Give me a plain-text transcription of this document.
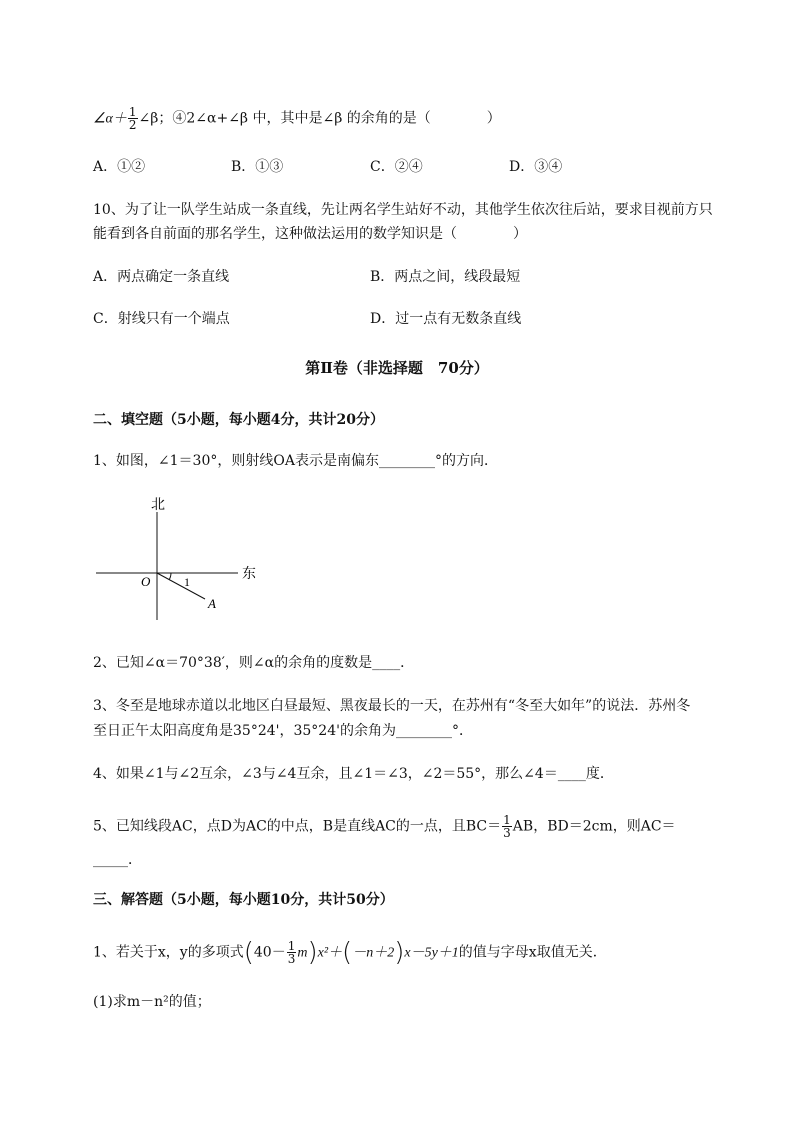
∠α＋ $\frac{1}{2}$ ∠β；④2∠α+∠β 中，其中是∠β 的余角的是（　　　　）
A．①②	B．①③	C．②④	D．③④
10、为了让一队学生站成一条直线，先让两名学生站好不动，其他学生依次往后站，要求目视前方只
能看到各自前面的那名学生，这种做法运用的数学知识是（　　　　）
A．两点确定一条直线	B．两点之间，线段最短
C．射线只有一个端点	D．过一点有无数条直线
第Ⅱ卷（非选择题　70分）
二、填空题（5小题，每小题4分，共计20分）
1、如图，∠1＝30°，则射线OA表示是南偏东________°的方向．
北
东
O
A
1
2、已知∠α＝70°38′，则∠α的余角的度数是____．
3、冬至是地球赤道以北地区白昼最短、黑夜最长的一天，在苏州有“冬至大如年”的说法．苏州冬
至日正午太阳高度角是35°24'，35°24'的余角为________°．
4、如果∠1与∠2互余，∠3与∠4互余，且∠1＝∠3，∠2＝55°，那么∠4＝____度．
5、已知线段AC，点D为AC的中点，B是直线AC的一点，且$BC= \frac{1}{3}$ AB，BD＝2cm，则AC＝
_____．
三、解答题（5小题，每小题10分，共计50分）
1、若关于x，y的多项式$(40- \frac{1}{3} m)x^2+(-n+2)x-5y+1$的值与字母x取值无关．
(1)求m－n²的值；
